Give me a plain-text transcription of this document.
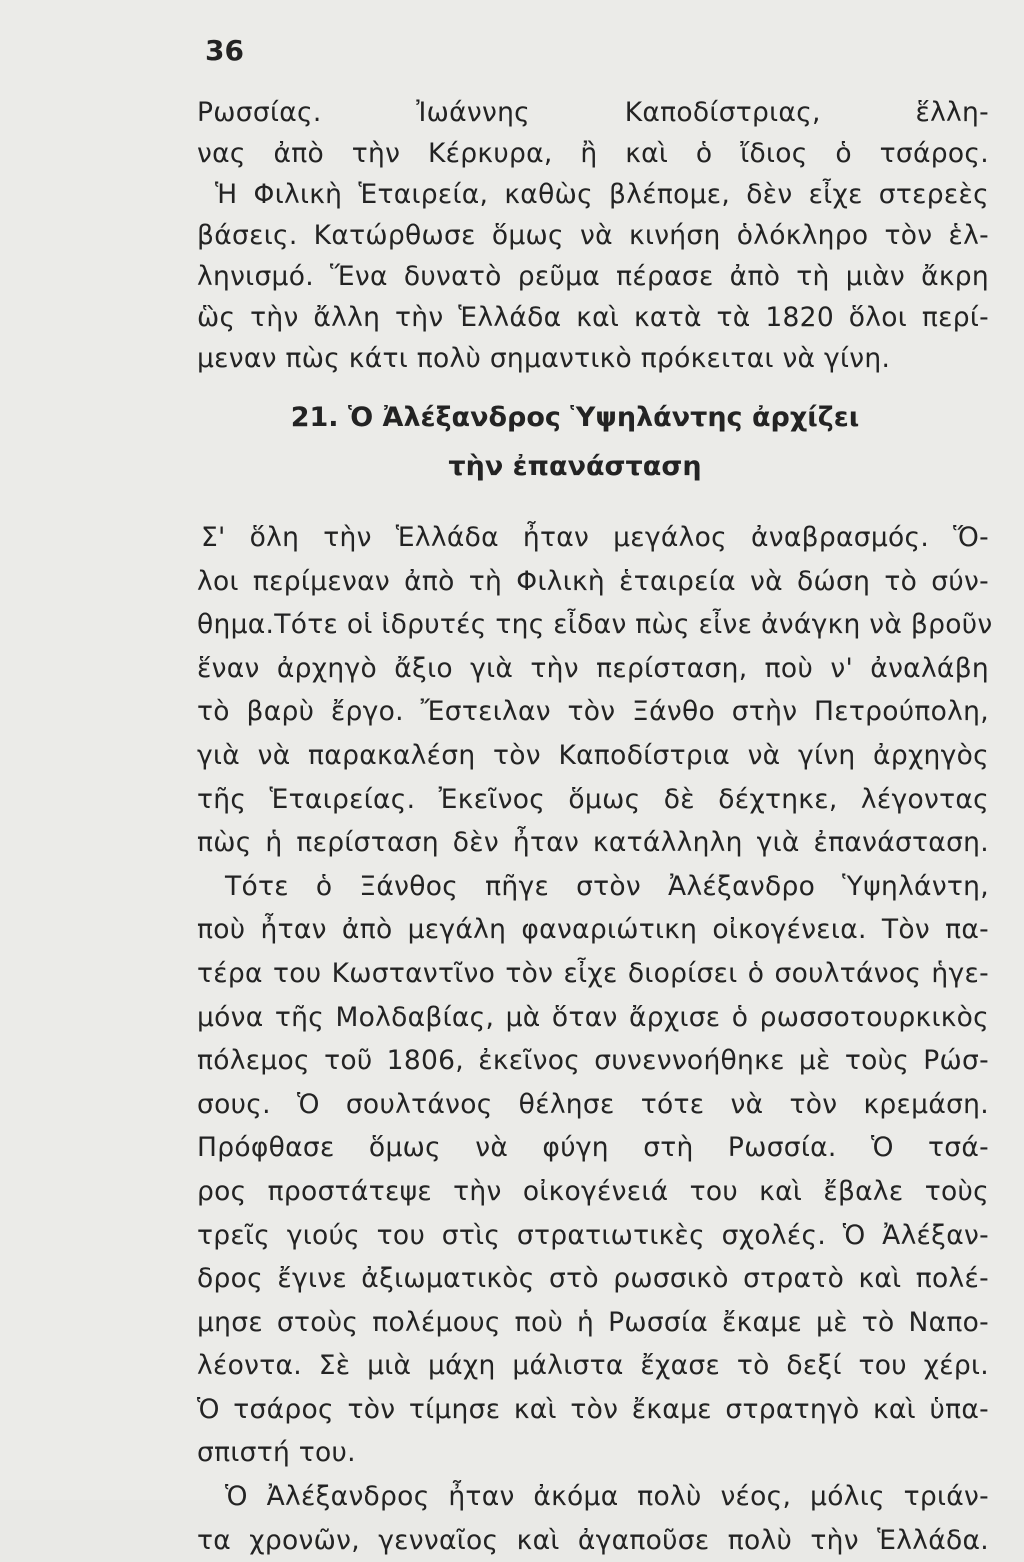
36

Ρωσσίας. Ἰωάννης Καποδίστριας, ἕλλη-

νας ἀπὸ τὴν Κέρκυρα, ἢ καὶ ὁ ἴδιος ὁ τσάρος.

Ἡ Φιλικὴ Ἑταιρεία, καθὼς βλέπομε, δὲν εἶχε στερεὲς

βάσεις. Κατώρθωσε ὅμως νὰ κινήση ὁλόκληρο τὸν ἑλ-

ληνισμό. Ἕνα δυνατὸ ρεῦμα πέρασε ἀπὸ τὴ μιὰν ἄκρη

ὣς τὴν ἄλλη τὴν Ἑλλάδα καὶ κατὰ τὰ 1820 ὅλοι περί-

μεναν πὼς κάτι πολὺ σημαντικὸ πρόκειται νὰ γίνη.

21. Ὁ Ἀλέξανδρος Ὑψηλάντης ἀρχίζει
τὴν ἐπανάσταση

Σ' ὅλη τὴν Ἑλλάδα ἦταν μεγάλος ἀναβρασμός. Ὅ-

λοι περίμεναν ἀπὸ τὴ Φιλικὴ ἑταιρεία νὰ δώση τὸ σύν-

θημα.Τότε οἱ ἱδρυτές της εἶδαν πὼς εἶνε ἀνάγκη νὰ βροῦν

ἕναν ἀρχηγὸ ἄξιο γιὰ τὴν περίσταση, ποὺ ν' ἀναλάβη

τὸ βαρὺ ἔργο. Ἔστειλαν τὸν Ξάνθο στὴν Πετρούπολη,

γιὰ νὰ παρακαλέση τὸν Καποδίστρια νὰ γίνη ἀρχηγὸς

τῆς Ἑταιρείας. Ἐκεῖνος ὅμως δὲ δέχτηκε, λέγοντας

πὼς ἡ περίσταση δὲν ἦταν κατάλληλη γιὰ ἐπανάσταση.

Τότε ὁ Ξάνθος πῆγε στὸν Ἀλέξανδρο Ὑψηλάντη,

ποὺ ἦταν ἀπὸ μεγάλη φαναριώτικη οἰκογένεια. Τὸν πα-

τέρα του Κωσταντῖνο τὸν εἶχε διορίσει ὁ σουλτάνος ἡγε-

μόνα τῆς Μολδαβίας, μὰ ὅταν ἄρχισε ὁ ρωσσοτουρκικὸς

πόλεμος τοῦ 1806, ἐκεῖνος συνεννοήθηκε μὲ τοὺς Ρώσ-

σους. Ὁ σουλτάνος θέλησε τότε νὰ τὸν κρεμάση.

Πρόφθασε ὅμως νὰ φύγη στὴ Ρωσσία. Ὁ τσά-

ρος προστάτεψε τὴν οἰκογένειά του καὶ ἔβαλε τοὺς

τρεῖς γιούς του στὶς στρατιωτικὲς σχολές. Ὁ Ἀλέξαν-

δρος ἔγινε ἀξιωματικὸς στὸ ρωσσικὸ στρατὸ καὶ πολέ-

μησε στοὺς πολέμους ποὺ ἡ Ρωσσία ἔκαμε μὲ τὸ Ναπο-

λέοντα. Σὲ μιὰ μάχη μάλιστα ἔχασε τὸ δεξί του χέρι.

Ὁ τσάρος τὸν τίμησε καὶ τὸν ἔκαμε στρατηγὸ καὶ ὑπα-

σπιστή του.

Ὁ Ἀλέξανδρος ἦταν ἀκόμα πολὺ νέος, μόλις τριάν-

τα χρονῶν, γενναῖος καὶ ἀγαποῦσε πολὺ τὴν Ἑλλάδα.
